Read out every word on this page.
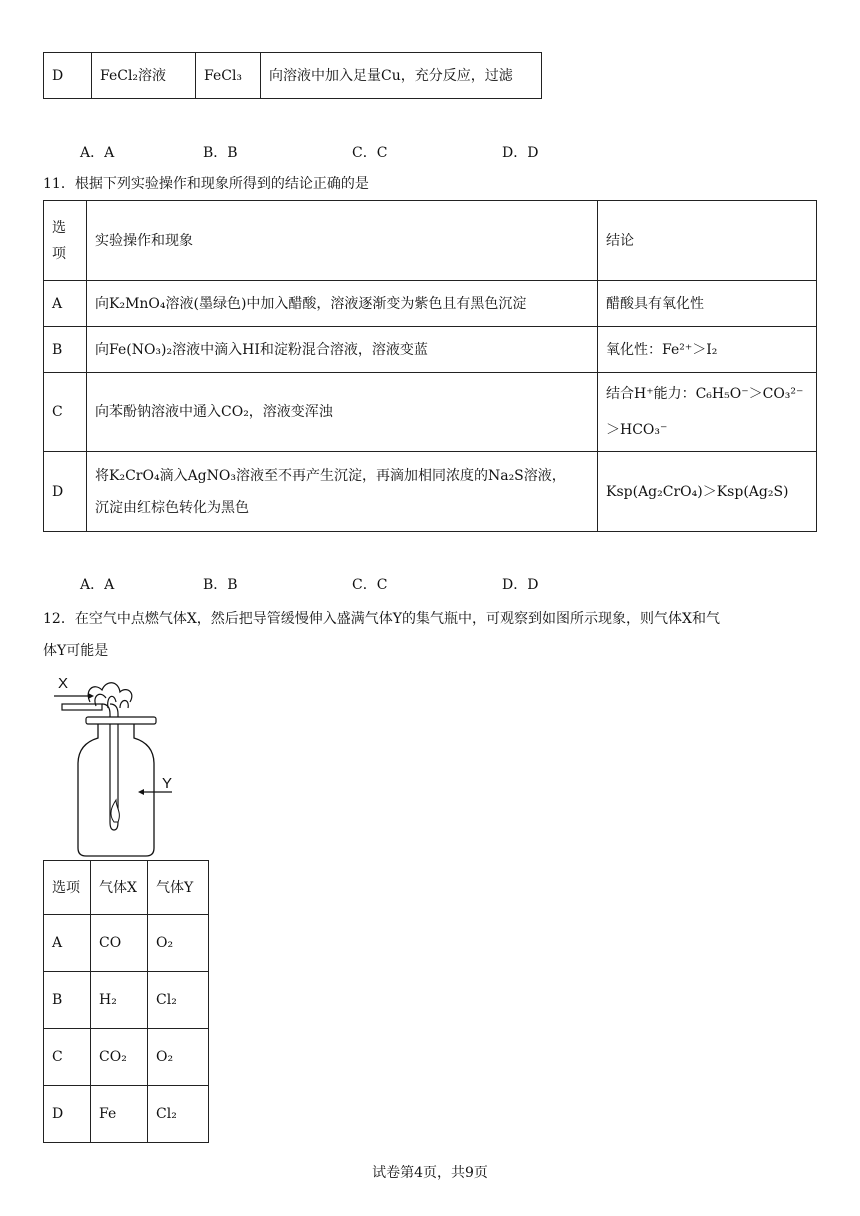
D	FeCl₂溶液	FeCl₃	向溶液中加入足量Cu，充分反应，过滤
A．A	B．B	C．C	D．D
11．根据下列实验操作和现象所得到的结论正确的是
选
项	实验操作和现象	结论
A	向K₂MnO₄溶液(墨绿色)中加入醋酸，溶液逐渐变为紫色且有黑色沉淀	醋酸具有氧化性
B	向Fe(NO₃)₂溶液中滴入HI和淀粉混合溶液，溶液变蓝	氧化性：Fe²⁺＞I₂
C	向苯酚钠溶液中通入CO₂，溶液变浑浊	结合H⁺能力：C₆H₅O⁻＞CO₃²⁻
＞HCO₃⁻

D	将K₂CrO₄滴入AgNO₃溶液至不再产生沉淀，再滴加相同浓度的Na₂S溶液，
沉淀由红棕色转化为黑色	Ksp(Ag₂CrO₄)＞Ksp(Ag₂S)
A．A	B．B	C．C	D．D
12．在空气中点燃气体X，然后把导管缓慢伸入盛满气体Y的集气瓶中，可观察到如图所示现象，则气体X和气
体Y可能是
X
Y
选项	气体X	气体Y
A	CO	O₂
B	H₂	Cl₂
C	CO₂	O₂
D	Fe	Cl₂
试卷第4页，共9页
